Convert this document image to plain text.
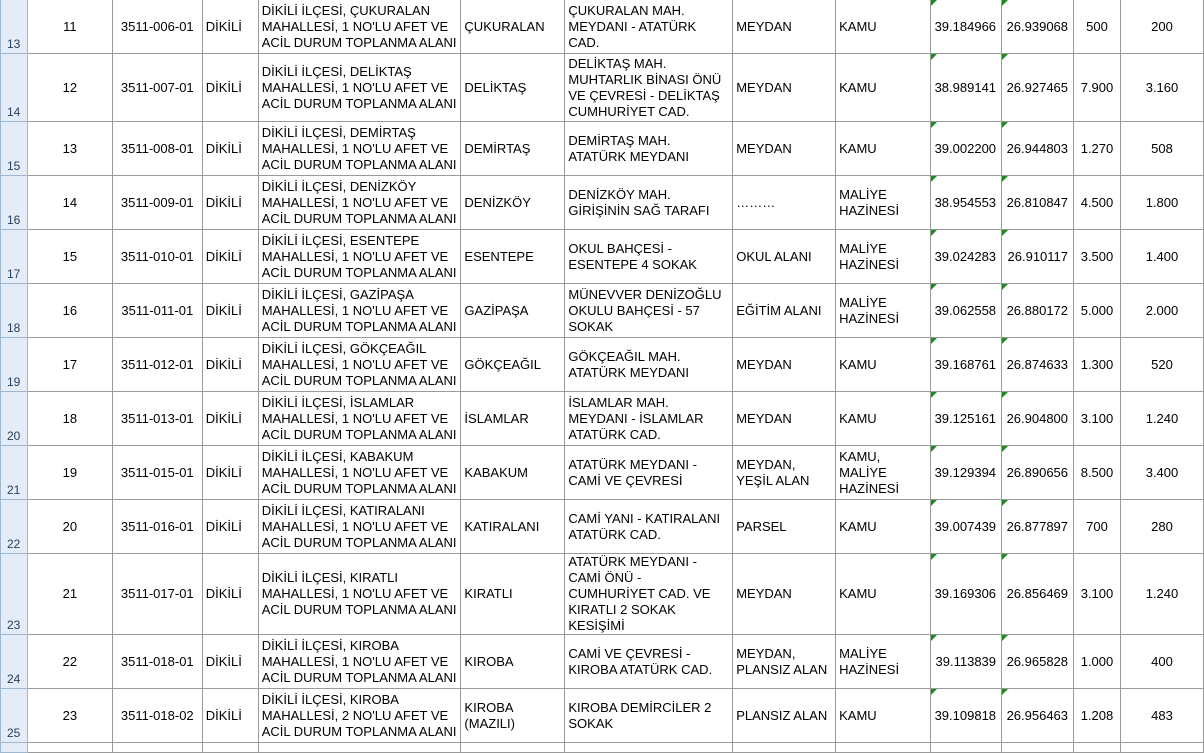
13	11	3511-006-01	DİKİLİ	DİKİLİ İLÇESİ, ÇUKURALAN MAHALLESİ, 1 NO'LU AFET VE ACİL DURUM TOPLANMA ALANI	ÇUKURALAN	ÇUKURALAN MAH. MEYDANI - ATATÜRK CAD.	MEYDAN	KAMU	39.184966	26.939068	500	200
14	12	3511-007-01	DİKİLİ	DİKİLİ İLÇESİ, DELİKTAŞ MAHALLESİ, 1 NO'LU AFET VE ACİL DURUM TOPLANMA ALANI	DELİKTAŞ	DELİKTAŞ MAH. MUHTARLIK BİNASI ÖNÜ VE ÇEVRESİ - DELİKTAŞ CUMHURİYET CAD.	MEYDAN	KAMU	38.989141	26.927465	7.900	3.160
15	13	3511-008-01	DİKİLİ	DİKİLİ İLÇESİ, DEMİRTAŞ MAHALLESİ, 1 NO'LU AFET VE ACİL DURUM TOPLANMA ALANI	DEMİRTAŞ	DEMİRTAŞ MAH. ATATÜRK MEYDANI	MEYDAN	KAMU	39.002200	26.944803	1.270	508
16	14	3511-009-01	DİKİLİ	DİKİLİ İLÇESİ, DENİZKÖY MAHALLESİ, 1 NO'LU AFET VE ACİL DURUM TOPLANMA ALANI	DENİZKÖY	DENİZKÖY MAH. GİRİŞİNİN SAĞ TARAFI	………	MALİYE HAZİNESİ	38.954553	26.810847	4.500	1.800
17	15	3511-010-01	DİKİLİ	DİKİLİ İLÇESİ, ESENTEPE MAHALLESİ, 1 NO'LU AFET VE ACİL DURUM TOPLANMA ALANI	ESENTEPE	OKUL BAHÇESİ - ESENTEPE 4 SOKAK	OKUL ALANI	MALİYE HAZİNESİ	39.024283	26.910117	3.500	1.400
18	16	3511-011-01	DİKİLİ	DİKİLİ İLÇESİ, GAZİPAŞA MAHALLESİ, 1 NO'LU AFET VE ACİL DURUM TOPLANMA ALANI	GAZİPAŞA	MÜNEVVER DENİZOĞLU OKULU BAHÇESİ - 57 SOKAK	EĞİTİM ALANI	MALİYE HAZİNESİ	39.062558	26.880172	5.000	2.000
19	17	3511-012-01	DİKİLİ	DİKİLİ İLÇESİ, GÖKÇEAĞIL MAHALLESİ, 1 NO'LU AFET VE ACİL DURUM TOPLANMA ALANI	GÖKÇEAĞIL	GÖKÇEAĞIL MAH. ATATÜRK MEYDANI	MEYDAN	KAMU	39.168761	26.874633	1.300	520
20	18	3511-013-01	DİKİLİ	DİKİLİ İLÇESİ, İSLAMLAR MAHALLESİ, 1 NO'LU AFET VE ACİL DURUM TOPLANMA ALANI	İSLAMLAR	İSLAMLAR MAH. MEYDANI - İSLAMLAR ATATÜRK CAD.	MEYDAN	KAMU	39.125161	26.904800	3.100	1.240
21	19	3511-015-01	DİKİLİ	DİKİLİ İLÇESİ, KABAKUM MAHALLESİ, 1 NO'LU AFET VE ACİL DURUM TOPLANMA ALANI	KABAKUM	ATATÜRK MEYDANI - CAMİ VE ÇEVRESİ	MEYDAN, YEŞİL ALAN	KAMU, MALİYE HAZİNESİ	39.129394	26.890656	8.500	3.400
22	20	3511-016-01	DİKİLİ	DİKİLİ İLÇESİ, KATIRALANI MAHALLESİ, 1 NO'LU AFET VE ACİL DURUM TOPLANMA ALANI	KATIRALANI	CAMİ YANI - KATIRALANI ATATÜRK CAD.	PARSEL	KAMU	39.007439	26.877897	700	280
23	21	3511-017-01	DİKİLİ	DİKİLİ İLÇESİ, KIRATLI MAHALLESİ, 1 NO'LU AFET VE ACİL DURUM TOPLANMA ALANI	KIRATLI	ATATÜRK MEYDANI -CAMİ ÖNÜ - CUMHURİYET CAD. VE KIRATLI 2 SOKAK KESİŞİMİ	MEYDAN	KAMU	39.169306	26.856469	3.100	1.240
24	22	3511-018-01	DİKİLİ	DİKİLİ İLÇESİ, KIROBA MAHALLESİ, 1 NO'LU AFET VE ACİL DURUM TOPLANMA ALANI	KIROBA	CAMİ VE ÇEVRESİ - KIROBA ATATÜRK CAD.	MEYDAN, PLANSIZ ALAN	MALİYE HAZİNESİ	39.113839	26.965828	1.000	400
25	23	3511-018-02	DİKİLİ	DİKİLİ İLÇESİ, KIROBA MAHALLESİ, 2 NO'LU AFET VE ACİL DURUM TOPLANMA ALANI	KIROBA (MAZILI)	KIROBA DEMİRCİLER 2 SOKAK	PLANSIZ ALAN	KAMU	39.109818	26.956463	1.208	483
